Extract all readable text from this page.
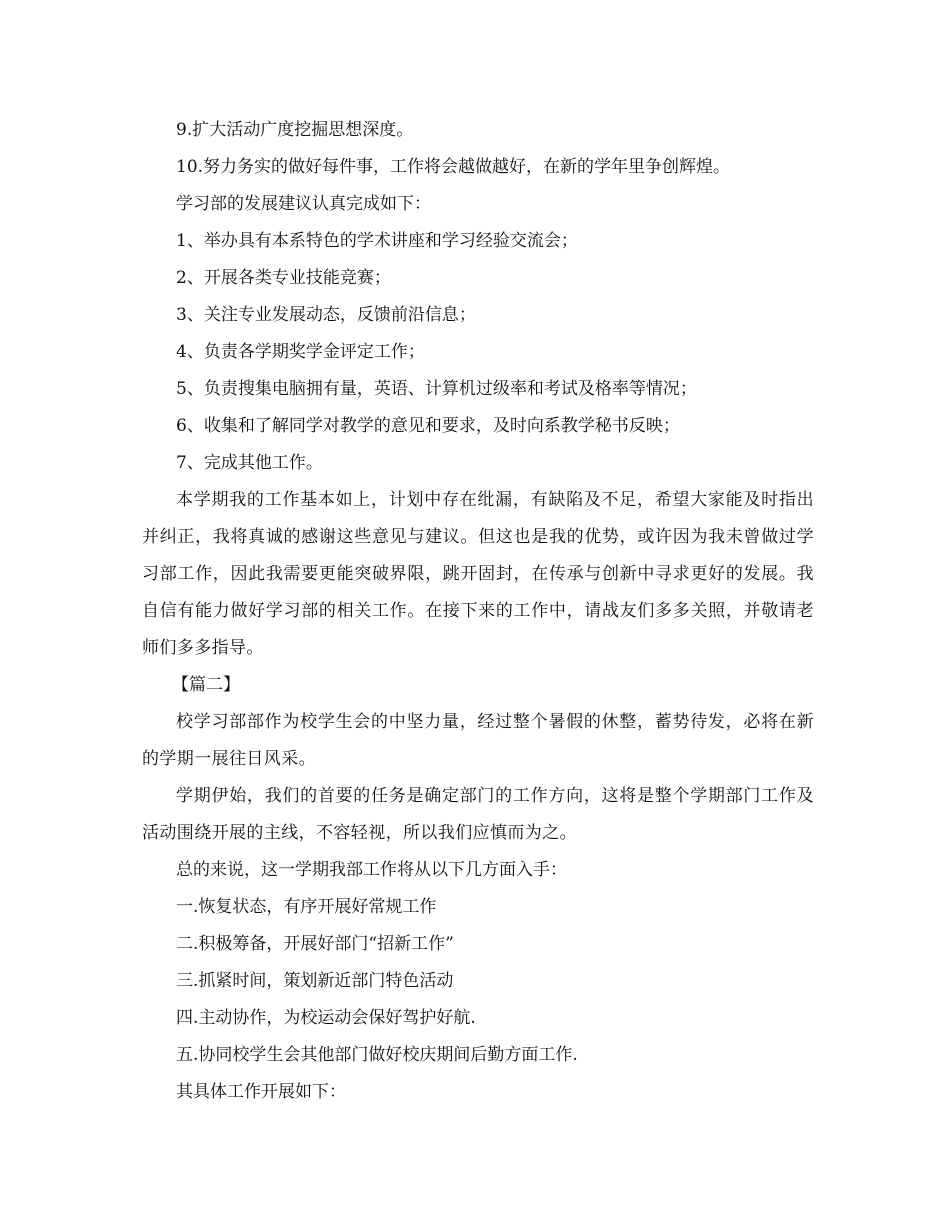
9.扩大活动广度挖掘思想深度。
10.努力务实的做好每件事，工作将会越做越好，在新的学年里争创辉煌。
学习部的发展建议认真完成如下：
1、举办具有本系特色的学术讲座和学习经验交流会；
2、开展各类专业技能竞赛；
3、关注专业发展动态，反馈前沿信息；
4、负责各学期奖学金评定工作；
5、负责搜集电脑拥有量，英语、计算机过级率和考试及格率等情况；
6、收集和了解同学对教学的意见和要求，及时向系教学秘书反映；
7、完成其他工作。
本学期我的工作基本如上，计划中存在纰漏，有缺陷及不足，希望大家能及时指出并纠正，我将真诚的感谢这些意见与建议。但这也是我的优势，或许因为我未曾做过学习部工作，因此我需要更能突破界限，跳开固封，在传承与创新中寻求更好的发展。我自信有能力做好学习部的相关工作。在接下来的工作中，请战友们多多关照，并敬请老师们多多指导。
【篇二】
校学习部部作为校学生会的中坚力量，经过整个暑假的休整，蓄势待发，必将在新的学期一展往日风采。
学期伊始，我们的首要的任务是确定部门的工作方向，这将是整个学期部门工作及活动围绕开展的主线，不容轻视，所以我们应慎而为之。
总的来说，这一学期我部工作将从以下几方面入手：
一.恢复状态，有序开展好常规工作
二.积极筹备，开展好部门“招新工作”
三.抓紧时间，策划新近部门特色活动
四.主动协作，为校运动会保好驾护好航.
五.协同校学生会其他部门做好校庆期间后勤方面工作.
其具体工作开展如下：
